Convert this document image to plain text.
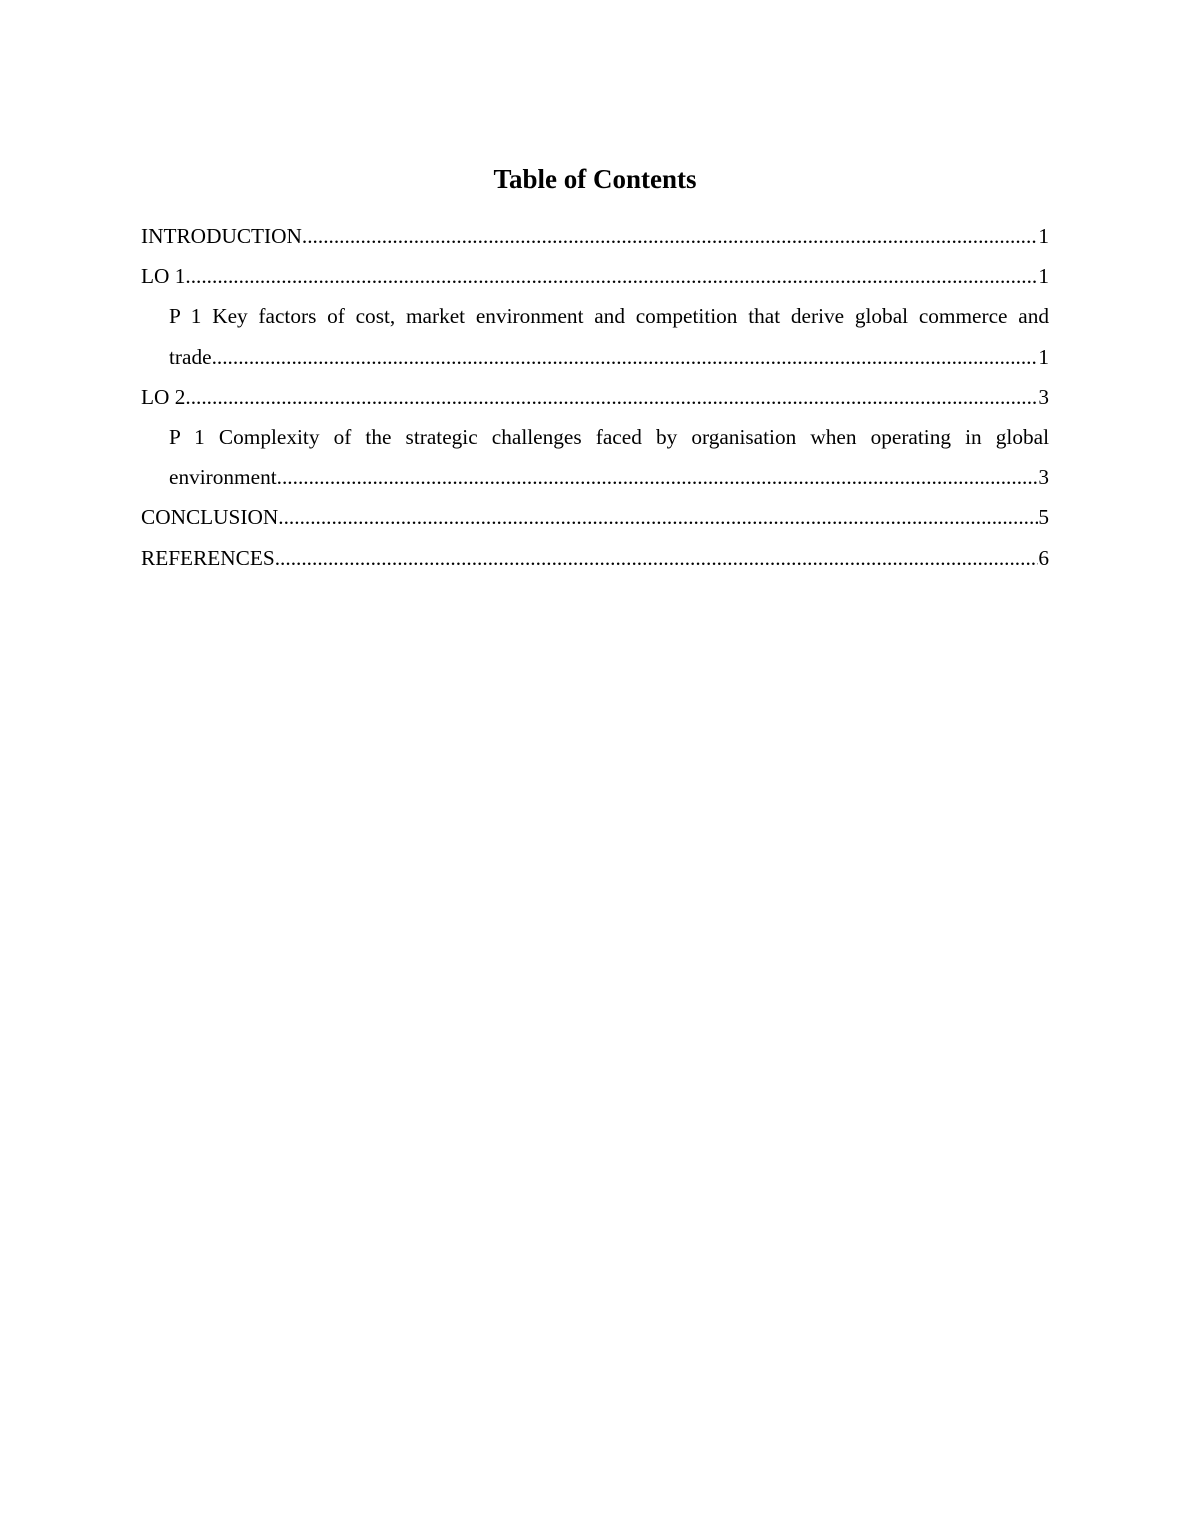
Table of Contents
INTRODUCTION .....	1
LO 1 .....	1
P 1 Key factors of cost, market environment and competition that derive global commerce and
trade .....	1
LO 2 .....	3
P 1 Complexity of the strategic challenges faced by organisation when operating in global
environment .....	3
CONCLUSION .....	5
REFERENCES .....	6
